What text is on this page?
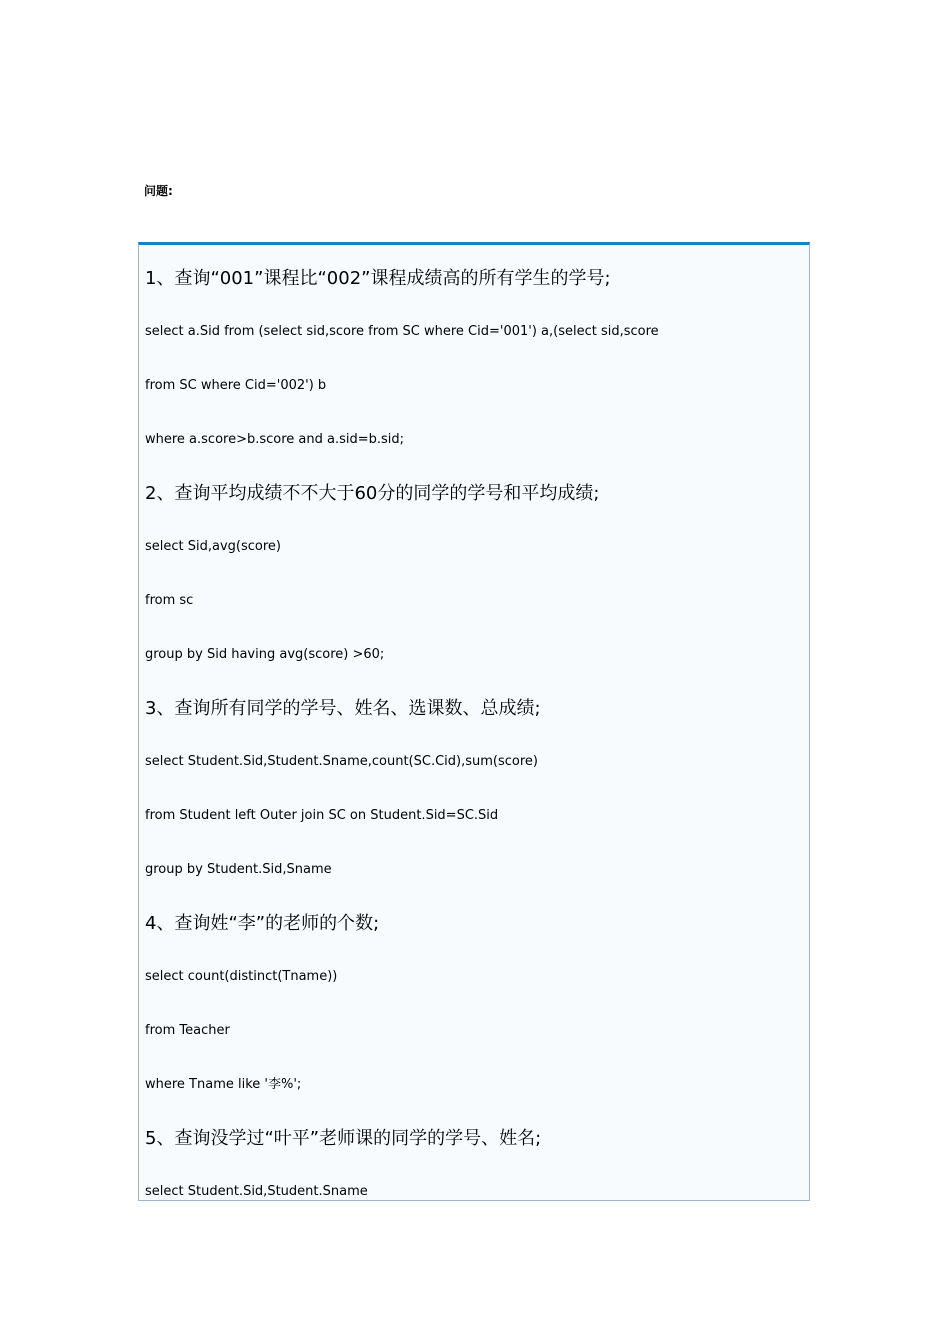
问题:
1、查询“001”课程比“002”课程成绩高的所有学生的学号;
select a.Sid from (select sid,score from SC where Cid='001') a,(select sid,score
from SC where Cid='002') b
where a.score>b.score and a.sid=b.sid;
2、查询平均成绩不不大于60分的同学的学号和平均成绩;
select Sid,avg(score)
from sc
group by Sid having avg(score) >60;
3、查询所有同学的学号、姓名、选课数、总成绩;
select Student.Sid,Student.Sname,count(SC.Cid),sum(score)
from Student left Outer join SC on Student.Sid=SC.Sid
group by Student.Sid,Sname
4、查询姓“李”的老师的个数;
select count(distinct(Tname))
from Teacher
where Tname like '李%';
5、查询没学过“叶平”老师课的同学的学号、姓名;
select Student.Sid,Student.Sname
